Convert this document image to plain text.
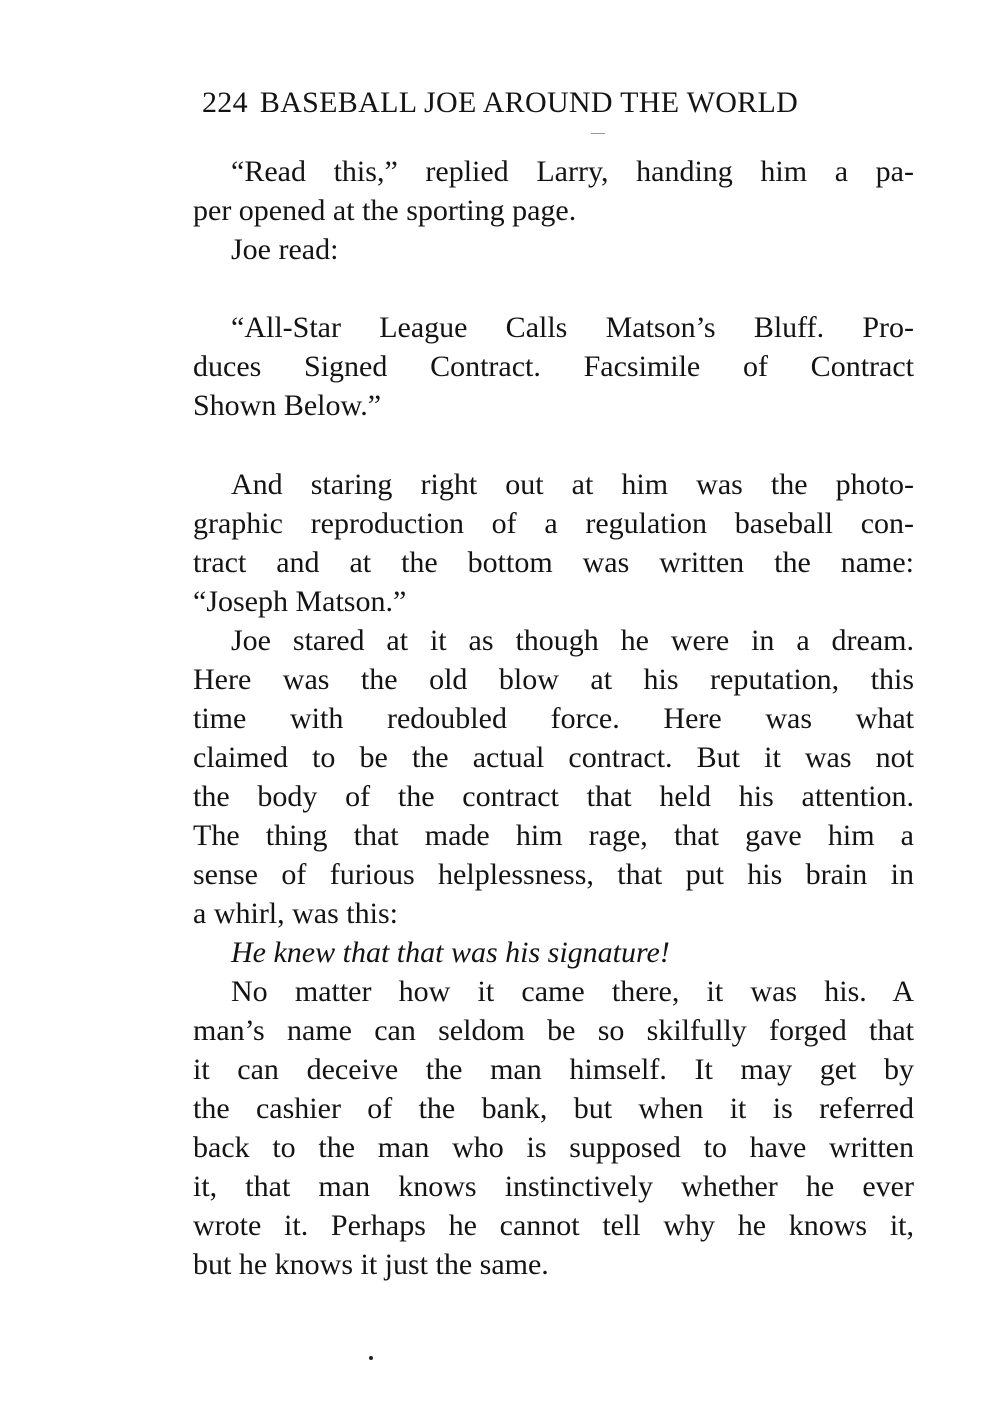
224 BASEBALL JOE AROUND THE WORLD
“Read this,” replied Larry, handing him a pa-
per opened at the sporting page.
Joe read:
“All-Star League Calls Matson’s Bluff. Pro-
duces Signed Contract. Facsimile of Contract
Shown Below.”
And staring right out at him was the photo-
graphic reproduction of a regulation baseball con-
tract and at the bottom was written the name:
“Joseph Matson.”
Joe stared at it as though he were in a dream.
Here was the old blow at his reputation, this
time with redoubled force. Here was what
claimed to be the actual contract. But it was not
the body of the contract that held his attention.
The thing that made him rage, that gave him a
sense of furious helplessness, that put his brain in
a whirl, was this:
He knew that that was his signature!
No matter how it came there, it was his. A
man’s name can seldom be so skilfully forged that
it can deceive the man himself. It may get by
the cashier of the bank, but when it is referred
back to the man who is supposed to have written
it, that man knows instinctively whether he ever
wrote it. Perhaps he cannot tell why he knows it,
but he knows it just the same.
